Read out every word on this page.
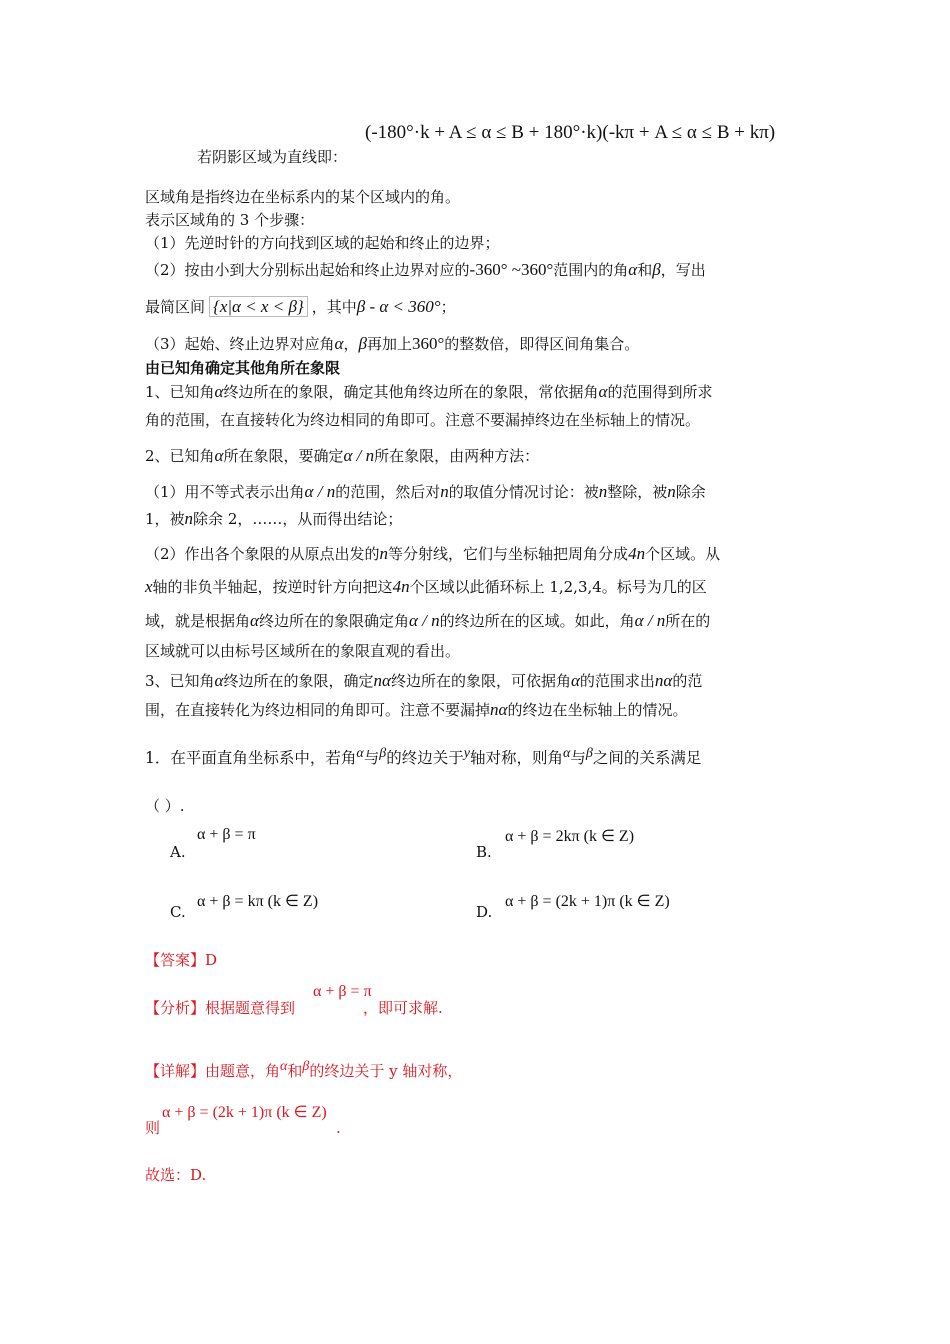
(-180°·k + A ≤ α ≤ B + 180°·k)(-kπ + A ≤ α ≤ B + kπ)
若阴影区域为直线即：
区域角是指终边在坐标系内的某个区域内的角。
表示区域角的 3 个步骤：
（1）先逆时针的方向找到区域的起始和终止的边界；
（2）按由小到大分别标出起始和终止边界对应的-360° ~360°范围内的角α和β，写出
最简区间 {x|α < x < β} ，其中β - α < 360°；
（3）起始、终止边界对应角α，β再加上360°的整数倍，即得区间角集合。
由已知角确定其他角所在象限
1、已知角α终边所在的象限，确定其他角终边所在的象限，常依据角α的范围得到所求
角的范围，在直接转化为终边相同的角即可。注意不要漏掉终边在坐标轴上的情况。
2、已知角α所在象限，要确定α / n所在象限，由两种方法：
（1）用不等式表示出角α / n的范围，然后对n的取值分情况讨论：被n整除，被n除余
1，被n除余 2，……，从而得出结论；
（2）作出各个象限的从原点出发的n等分射线，它们与坐标轴把周角分成4n个区域。从
x轴的非负半轴起，按逆时针方向把这4n个区域以此循环标上 1,2,3,4。标号为几的区
域，就是根据角α终边所在的象限确定角α / n的终边所在的区域。如此，角α / n所在的
区域就可以由标号区域所在的象限直观的看出。
3、已知角α终边所在的象限，确定nα终边所在的象限，可依据角α的范围求出nα的范
围，在直接转化为终边相同的角即可。注意不要漏掉nα的终边在坐标轴上的情况。
1．在平面直角坐标系中，若角$^\alpha$与$^\beta$的终边关于$^y$轴对称，则角$^\alpha$与$^\beta$之间的关系满足
（ ）.
α + β = π
A.
α + β = 2kπ (k ∈ Z)
B.
α + β = kπ (k ∈ Z)
C.
α + β = (2k + 1)π (k ∈ Z)
D.
【答案】D
α + β = π
【分析】根据题意得到	，即可求解.
【详解】由题意，角$^\alpha$和$^\beta$的终边关于 y 轴对称，
α + β = (2k + 1)π (k ∈ Z)
则	.
故选：D.
